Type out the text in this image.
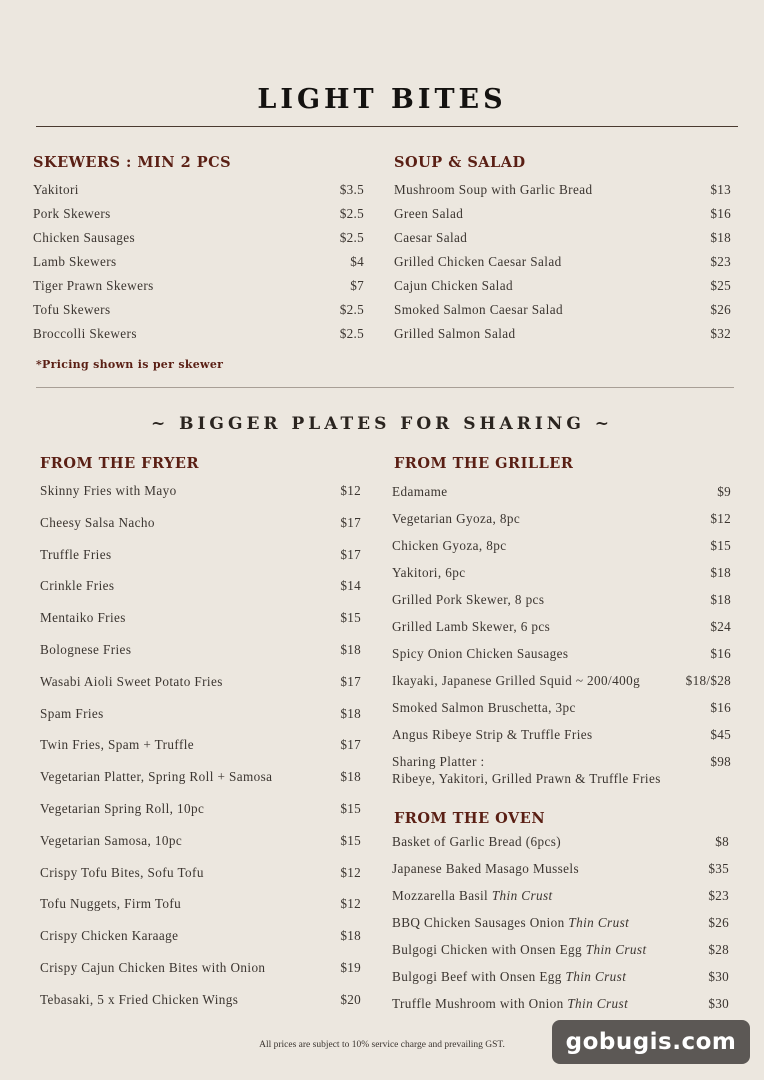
LIGHT BITES
SKEWERS : MIN 2 PCS
Yakitori	$3.5
Pork Skewers	$2.5
Chicken Sausages	$2.5
Lamb Skewers	$4
Tiger Prawn Skewers	$7
Tofu Skewers	$2.5
Broccolli Skewers	$2.5
*Pricing shown is per skewer
SOUP & SALAD
Mushroom Soup with Garlic Bread	$13
Green Salad	$16
Caesar Salad	$18
Grilled Chicken Caesar Salad	$23
Cajun Chicken Salad	$25
Smoked Salmon Caesar Salad	$26
Grilled Salmon Salad	$32
~ BIGGER PLATES FOR SHARING ~
FROM THE FRYER
Skinny Fries with Mayo	$12
Cheesy Salsa Nacho	$17
Truffle Fries	$17
Crinkle Fries	$14
Mentaiko Fries	$15
Bolognese Fries	$18
Wasabi Aioli Sweet Potato Fries	$17
Spam Fries	$18
Twin Fries, Spam + Truffle	$17
Vegetarian Platter, Spring Roll + Samosa	$18
Vegetarian Spring Roll, 10pc	$15
Vegetarian Samosa, 10pc	$15
Crispy Tofu Bites, Sofu Tofu	$12
Tofu Nuggets, Firm Tofu	$12
Crispy Chicken Karaage	$18
Crispy Cajun Chicken Bites with Onion	$19
Tebasaki, 5 x Fried Chicken Wings	$20
FROM THE GRILLER
Edamame	$9
Vegetarian Gyoza, 8pc	$12
Chicken Gyoza, 8pc	$15
Yakitori, 6pc	$18
Grilled Pork Skewer, 8 pcs	$18
Grilled Lamb Skewer, 6 pcs	$24
Spicy Onion Chicken Sausages	$16
Ikayaki, Japanese Grilled Squid ~ 200/400g	$18/$28
Smoked Salmon Bruschetta, 3pc	$16
Angus Ribeye Strip & Truffle Fries	$45
Sharing Platter :	$98
Ribeye, Yakitori, Grilled Prawn & Truffle Fries
FROM THE OVEN
Basket of Garlic Bread (6pcs)	$8
Japanese Baked Masago Mussels	$35
Mozzarella Basil Thin Crust	$23
BBQ Chicken Sausages Onion Thin Crust	$26
Bulgogi Chicken with Onsen Egg Thin Crust	$28
Bulgogi Beef with Onsen Egg Thin Crust	$30
Truffle Mushroom with Onion Thin Crust	$30
All prices are subject to 10% service charge and prevailing GST.	gobugis.com
